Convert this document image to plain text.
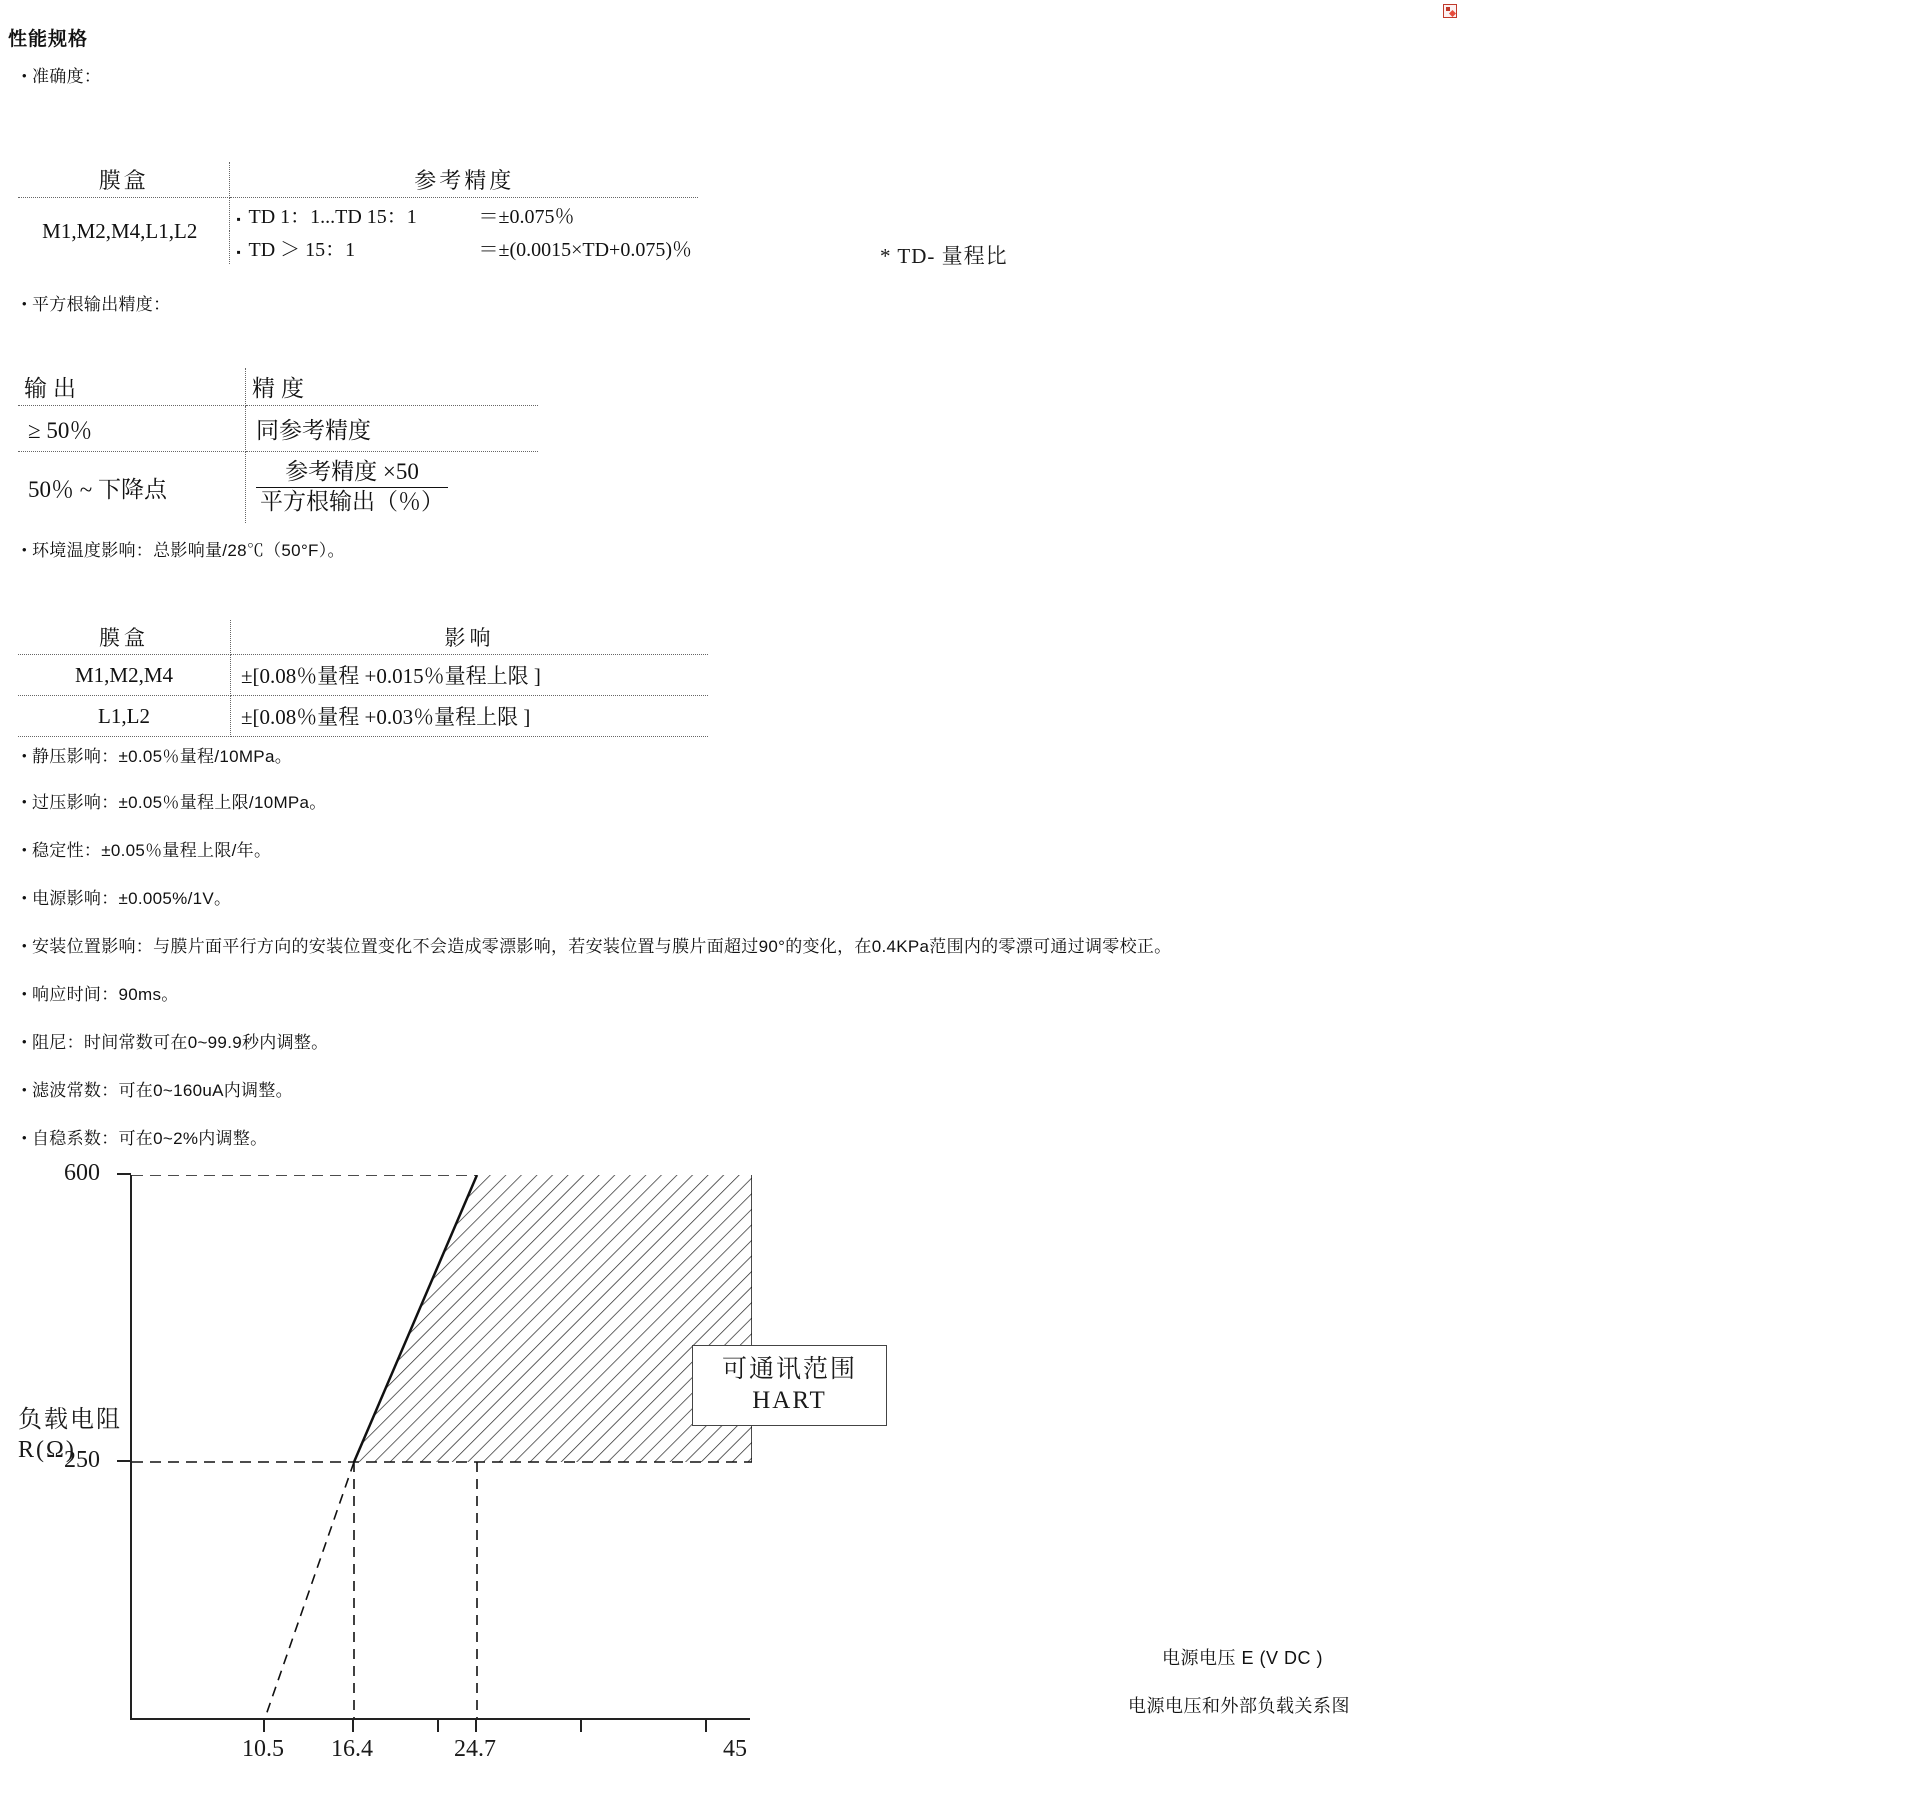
性能规格
•准确度：
膜盒	参考精度
M1,M2,M4,L1,L2	▪TD 1：1...TD 15：1 ＝±0.075％
▪TD ＞ 15：1 ＝±(0.0015×TD+0.075)％	* TD- 量程比
•平方根输出精度：
输出	精度
≥ 50％	同参考精度
50％ ~ 下降点	$\frac{\text{参考精度 ×50}}{\text{平方根输出（％）}}$
•环境温度影响：总影响量/28℃（50°F）。
膜盒	影响
M1,M2,M4	±[0.08％量程 +0.015％量程上限 ]
L1,L2	±[0.08％量程 +0.03％量程上限 ]
•静压影响：±0.05％量程/10MPa。
•过压影响：±0.05％量程上限/10MPa。
•稳定性：±0.05％量程上限/年。
•电源影响：±0.005%/1V。
•安装位置影响：与膜片面平行方向的安装位置变化不会造成零漂影响，若安装位置与膜片面超过90°的变化，在0.4KPa范围内的零漂可通过调零校正。
•响应时间：90ms。
•阻尼：时间常数可在0~99.9秒内调整。
•滤波常数：可在0~160uA内调整。
•自稳系数：可在0~2%内调整。
600
250
负载电阻
R(Ω)
可通讯范围
HART
10.5	16.4	24.7	45
电源电压 E (V DC )
电源电压和外部负载关系图
